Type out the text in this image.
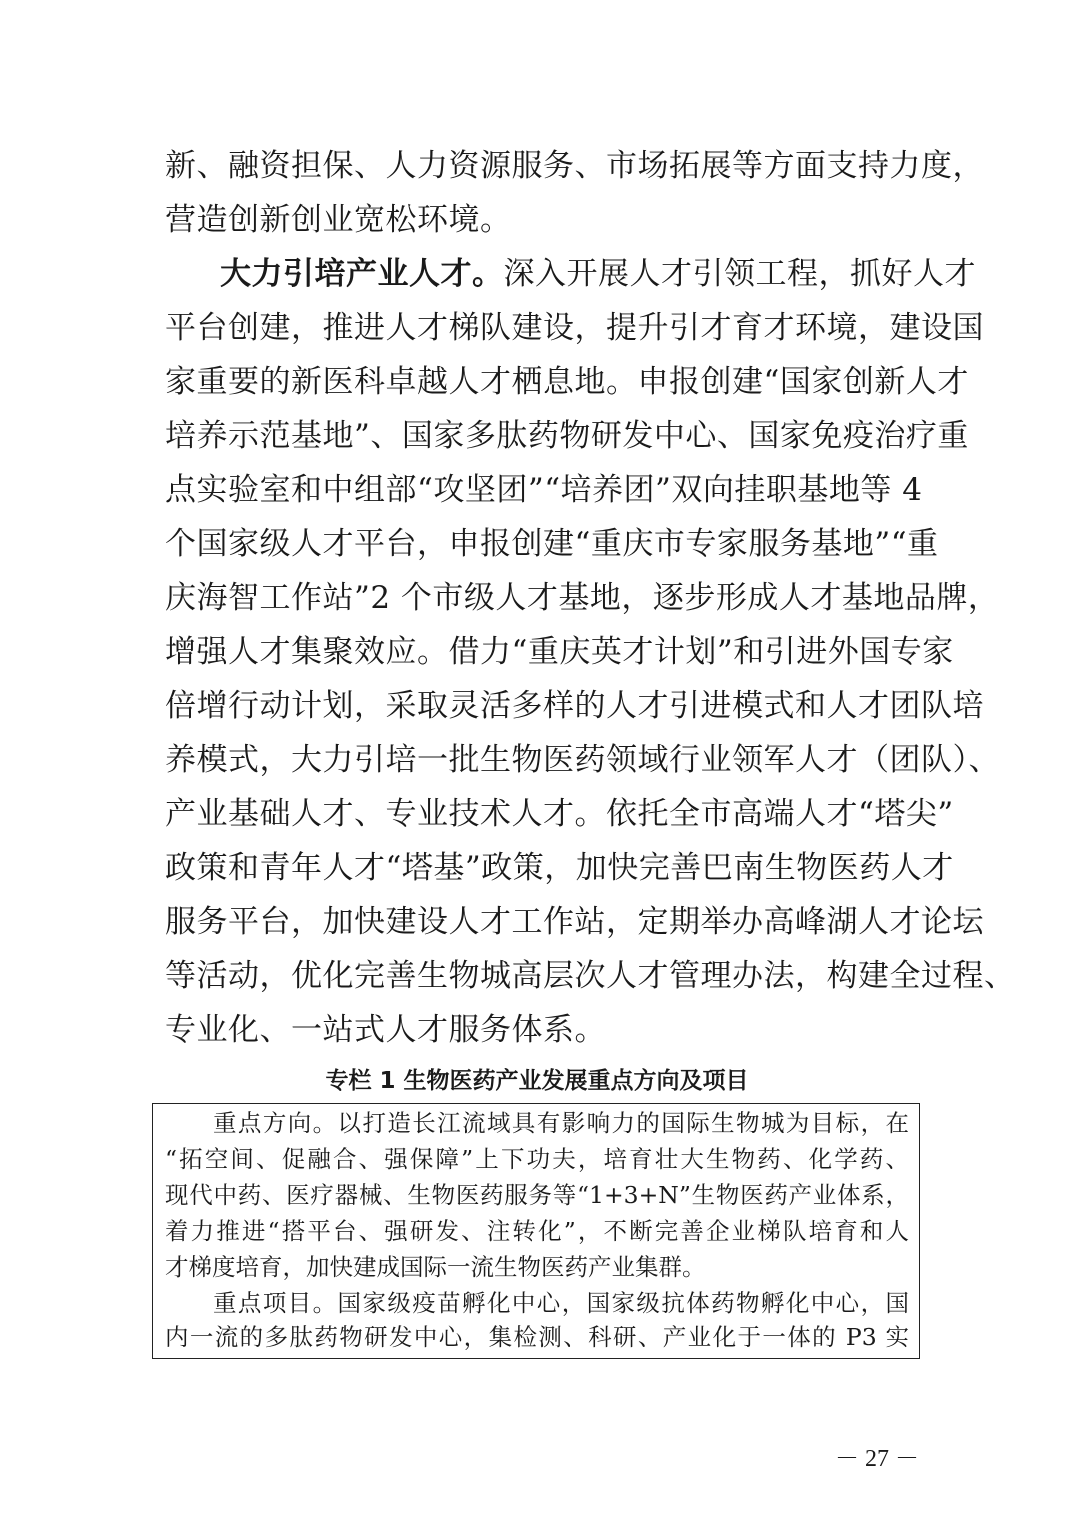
新、融资担保、人力资源服务、市场拓展等方面支持力度，
营造创新创业宽松环境。
大力引培产业人才。深入开展人才引领工程，抓好人才
平台创建，推进人才梯队建设，提升引才育才环境，建设国
家重要的新医科卓越人才栖息地。申报创建“国家创新人才
培养示范基地”、国家多肽药物研发中心、国家免疫治疗重
点实验室和中组部“攻坚团”“培养团”双向挂职基地等 4
个国家级人才平台，申报创建“重庆市专家服务基地”“重
庆海智工作站”2 个市级人才基地，逐步形成人才基地品牌，
增强人才集聚效应。借力“重庆英才计划”和引进外国专家
倍增行动计划，采取灵活多样的人才引进模式和人才团队培
养模式，大力引培一批生物医药领域行业领军人才（团队）、
产业基础人才、专业技术人才。依托全市高端人才“塔尖”
政策和青年人才“塔基”政策，加快完善巴南生物医药人才
服务平台，加快建设人才工作站，定期举办高峰湖人才论坛
等活动，优化完善生物城高层次人才管理办法，构建全过程、
专业化、一站式人才服务体系。
专栏 1 生物医药产业发展重点方向及项目
重点方向。以打造长江流域具有影响力的国际生物城为目标，在
“拓空间、促融合、强保障”上下功夫，培育壮大生物药、化学药、
现代中药、医疗器械、生物医药服务等“1+3+N”生物医药产业体系，
着力推进“搭平台、强研发、注转化”，不断完善企业梯队培育和人
才梯度培育，加快建成国际一流生物医药产业集群。
重点项目。国家级疫苗孵化中心，国家级抗体药物孵化中心，国
内一流的多肽药物研发中心，集检测、科研、产业化于一体的 P3 实
－ 27 －
